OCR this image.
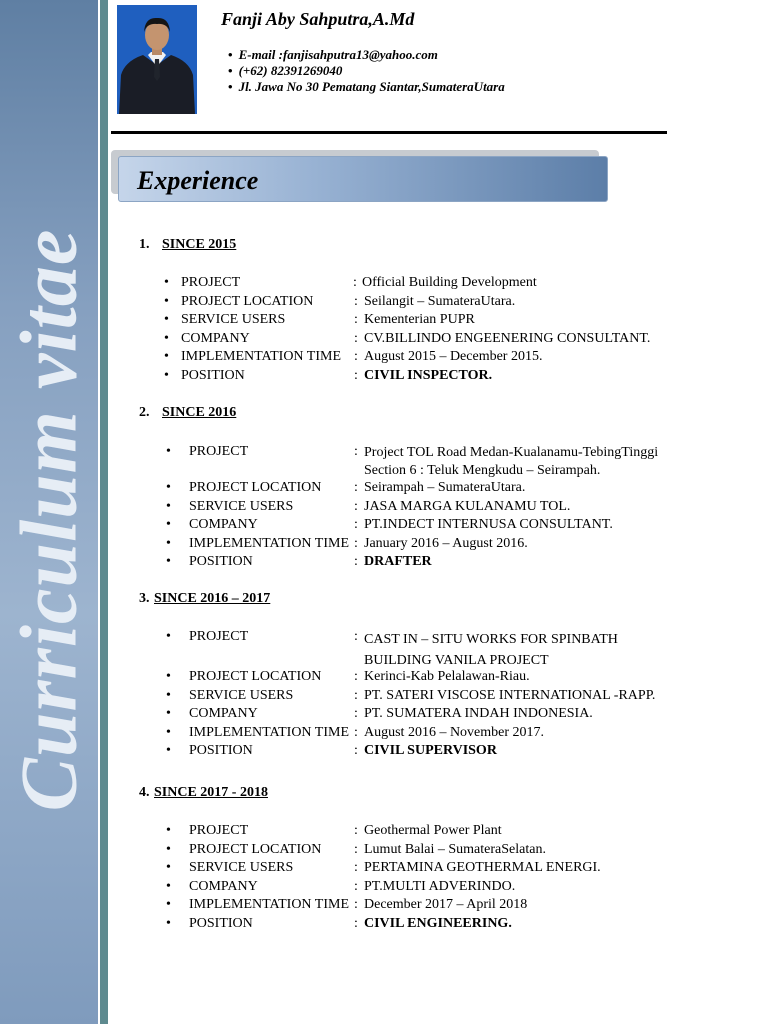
Curriculum vitae
Fanji Aby Sahputra,A.Md
• E-mail :fanjisahputra13@yahoo.com
• (+62) 82391269040
• Jl. Jawa No 30 Pematang Siantar,SumateraUtara
Experience
1. SINCE 2015
• PROJECT	: Official Building Development
• PROJECT LOCATION	: Seilangit – SumateraUtara.
• SERVICE USERS	: Kementerian PUPR
• COMPANY	: CV.BILLINDO ENGEENERING CONSULTANT.
• IMPLEMENTATION TIME : August 2015 – December 2015.
• POSITION	: CIVIL INSPECTOR.
2. SINCE 2016
• PROJECT	: Project TOL Road Medan-Kualanamu-TebingTinggi Section 6 : Teluk Mengkudu – Seirampah.
• PROJECT LOCATION : Seirampah – SumateraUtara.
• SERVICE USERS	: JASA MARGA KULANAMU TOL.
• COMPANY	: PT.INDECT INTERNUSA CONSULTANT.
• IMPLEMENTATION TIME : January 2016 – August 2016.
• POSITION	: DRAFTER
3. SINCE 2016 – 2017
• PROJECT	: CAST IN – SITU WORKS FOR SPINBATH BUILDING VANILA PROJECT
• PROJECT LOCATION : Kerinci-Kab Pelalawan-Riau.
• SERVICE USERS	: PT. SATERI VISCOSE INTERNATIONAL -RAPP.
• COMPANY	: PT. SUMATERA INDAH INDONESIA.
• IMPLEMENTATION TIME : August 2016 – November 2017.
• POSITION	: CIVIL SUPERVISOR
4. SINCE 2017 - 2018
• PROJECT	: Geothermal Power Plant
• PROJECT LOCATION : Lumut Balai – SumateraSelatan.
• SERVICE USERS	: PERTAMINA GEOTHERMAL ENERGI.
• COMPANY	: PT.MULTI ADVERINDO.
• IMPLEMENTATION TIME : December 2017 – April 2018
• POSITION	: CIVIL ENGINEERING.
